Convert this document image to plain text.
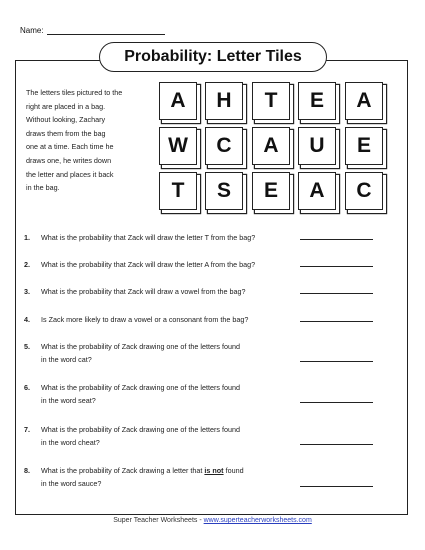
Name:
Probability: Letter Tiles
The letters tiles pictured to the
right are placed in a bag.
Without looking, Zachary
draws them from the bag
one at a time. Each time he
draws one, he writes down
the letter and places it back
in the bag.
A	H	T	E	A
W	C	A	U	E
T	S	E	A	C
1. What is the probability that Zack will draw the letter T from the bag?
2. What is the probability that Zack will draw the letter A from the bag?
3. What is the probability that Zack will draw a vowel from the bag?
4. Is Zack more likely to draw a vowel or a consonant from the bag?
5. What is the probability of Zack drawing one of the letters found
in the word cat?
6. What is the probability of Zack drawing one of the letters found
in the word seat?
7. What is the probability of Zack drawing one of the letters found
in the word cheat?
8. What is the probability of Zack drawing a letter that is not found
in the word sauce?
Super Teacher Worksheets - www.superteacherworksheets.com
